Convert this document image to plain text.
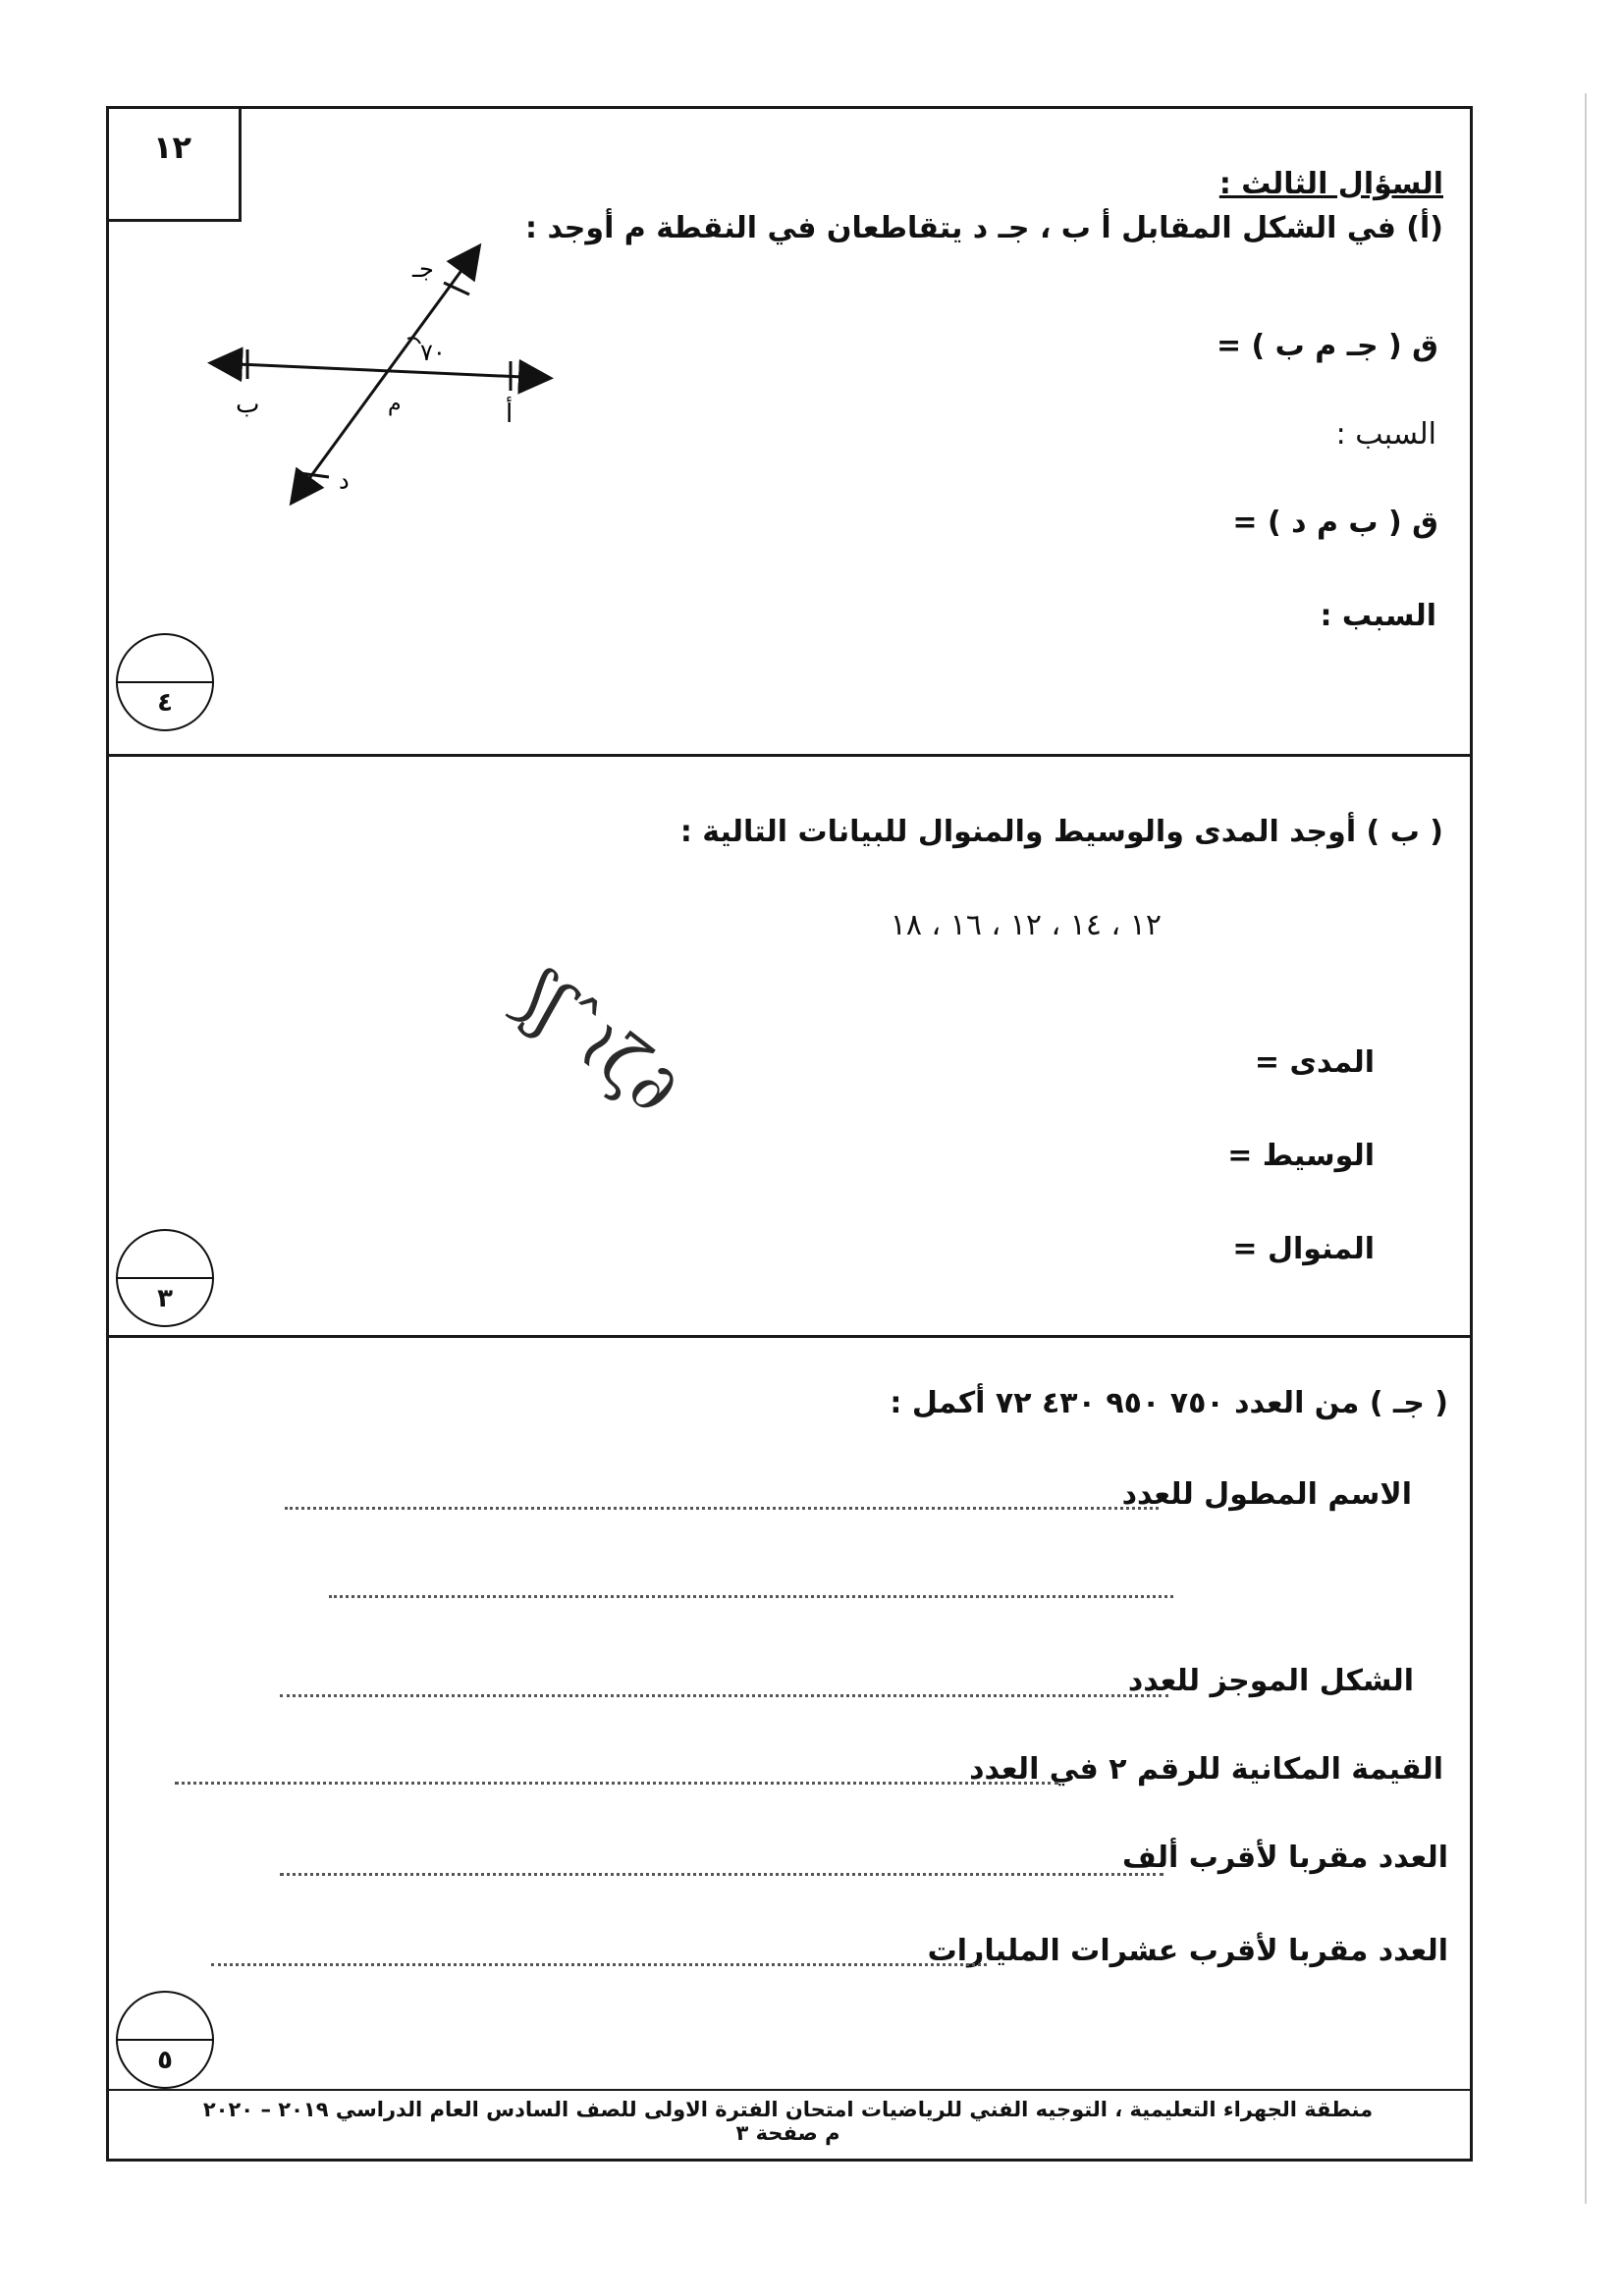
١٢
السؤال الثالث :
(أ) في الشكل المقابل أ ب ، جـ د يتقاطعان في النقطة م أوجد :
ق ( جـ م ب ) =
السبب :
ق ( ب م د ) =
السبب :
٧٠
جـ
ب	أ
م
د
٤
( ب ) أوجد المدى والوسيط والمنوال للبيانات التالية :
١٢ ، ١٤ ، ١٢ ، ١٦ ، ١٨
المدى =
الوسيط =
المنوال =
⟆ʃˆ≀ζ∂
٣
( جـ ) من العدد ٧٥٠ ٩٥٠ ٤٣٠ ٧٢ أكمل :
الاسم المطول للعدد
الشكل الموجز للعدد
القيمة المكانية للرقم ٢ في العدد
العدد مقربا لأقرب ألف
العدد مقربا لأقرب عشرات المليارات
٥
منطقة الجهراء التعليمية ، التوجيه الفني للرياضيات امتحان الفترة الاولى للصف السادس العام الدراسي ٢٠١٩ – ٢٠٢٠ م صفحة ٣
